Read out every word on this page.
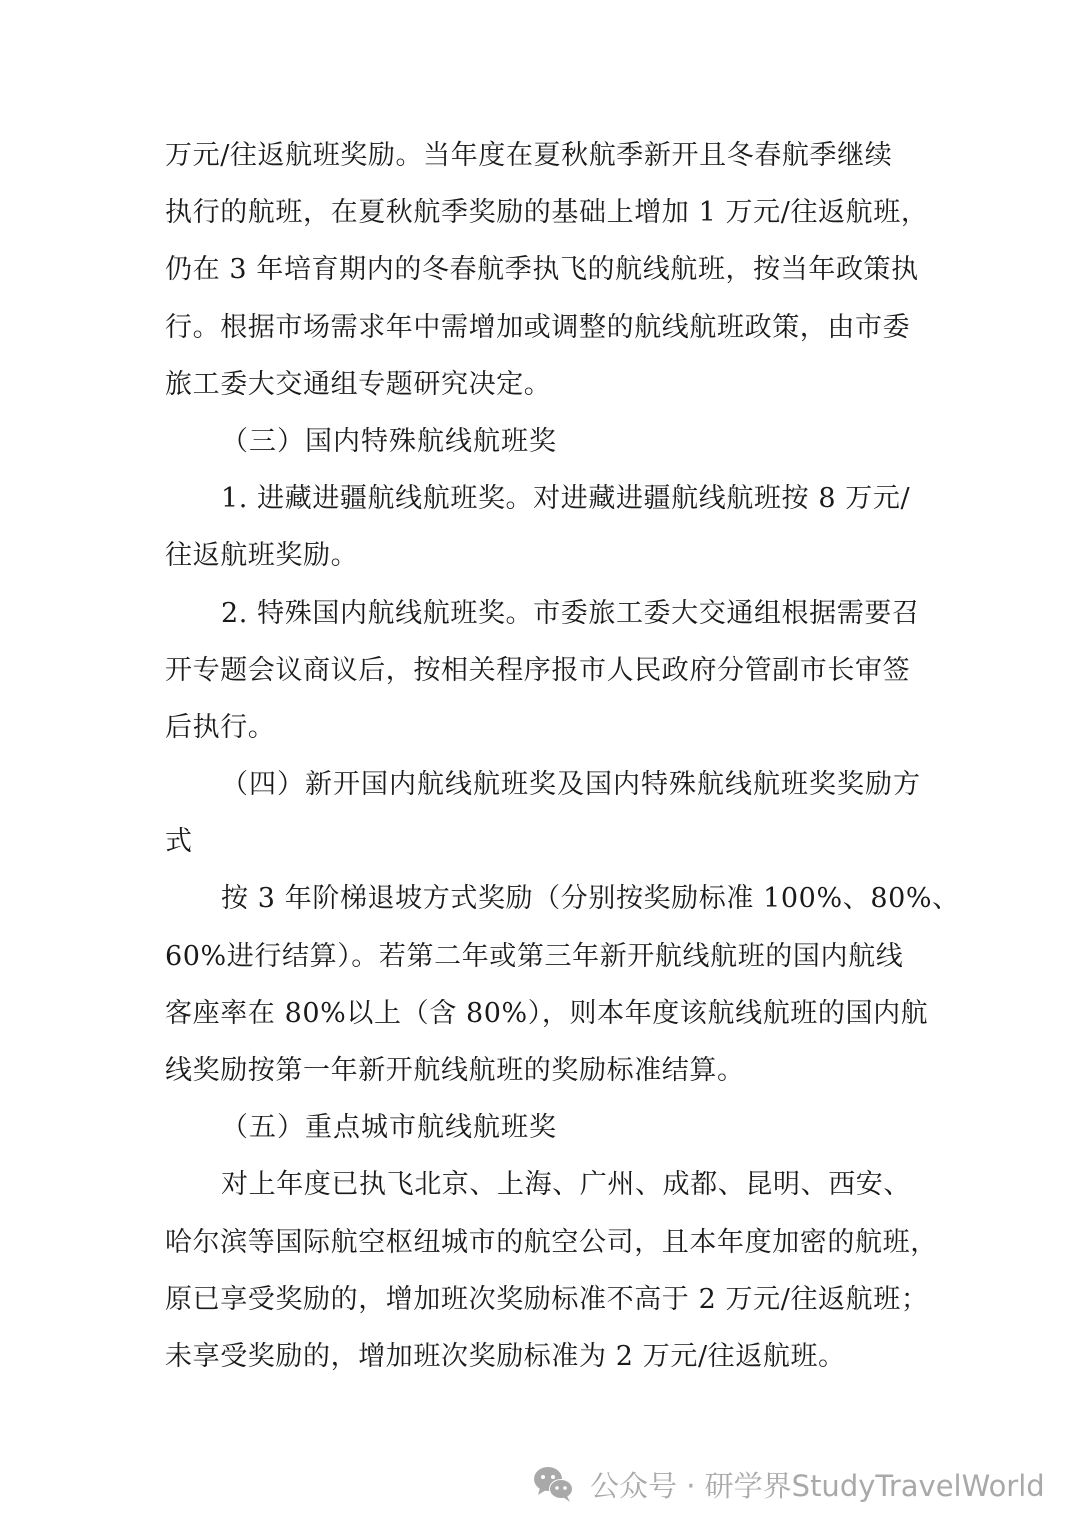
万元/往返航班奖励。当年度在夏秋航季新开且冬春航季继续
执行的航班，在夏秋航季奖励的基础上增加 1 万元/往返航班，
仍在 3 年培育期内的冬春航季执飞的航线航班，按当年政策执
行。根据市场需求年中需增加或调整的航线航班政策，由市委
旅工委大交通组专题研究决定。
（三）国内特殊航线航班奖
1. 进藏进疆航线航班奖。对进藏进疆航线航班按 8 万元/
往返航班奖励。
2. 特殊国内航线航班奖。市委旅工委大交通组根据需要召
开专题会议商议后，按相关程序报市人民政府分管副市长审签
后执行。
（四）新开国内航线航班奖及国内特殊航线航班奖奖励方
式
按 3 年阶梯退坡方式奖励（分别按奖励标准 100%、80%、
60%进行结算）。若第二年或第三年新开航线航班的国内航线
客座率在 80%以上（含 80%），则本年度该航线航班的国内航
线奖励按第一年新开航线航班的奖励标准结算。
（五）重点城市航线航班奖
对上年度已执飞北京、上海、广州、成都、昆明、西安、
哈尔滨等国际航空枢纽城市的航空公司，且本年度加密的航班，
原已享受奖励的，增加班次奖励标准不高于 2 万元/往返航班；
未享受奖励的，增加班次奖励标准为 2 万元/往返航班。
公众号 · 研学界StudyTravelWorld
